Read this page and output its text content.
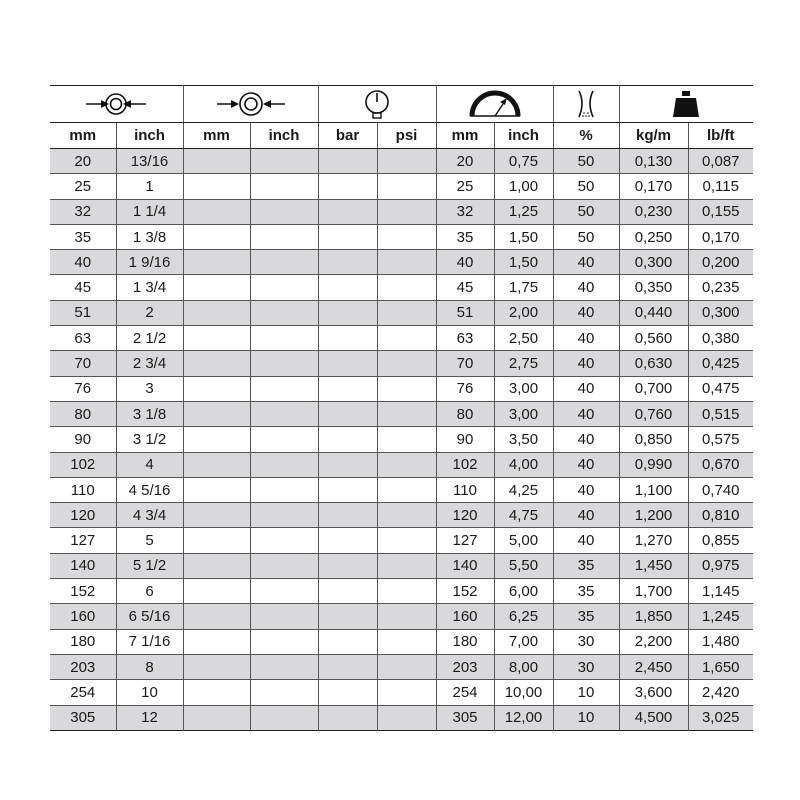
mm	inch	mm	inch	bar	psi	mm	inch	%	kg/m	lb/ft
20	13/16					20	0,75	50	0,130	0,087
25	1					25	1,00	50	0,170	0,115
32	1 1/4					32	1,25	50	0,230	0,155
35	1 3/8					35	1,50	50	0,250	0,170
40	1 9/16					40	1,50	40	0,300	0,200
45	1 3/4					45	1,75	40	0,350	0,235
51	2					51	2,00	40	0,440	0,300
63	2 1/2					63	2,50	40	0,560	0,380
70	2 3/4					70	2,75	40	0,630	0,425
76	3					76	3,00	40	0,700	0,475
80	3 1/8					80	3,00	40	0,760	0,515
90	3 1/2					90	3,50	40	0,850	0,575
102	4					102	4,00	40	0,990	0,670
110	4 5/16					110	4,25	40	1,100	0,740
120	4 3/4					120	4,75	40	1,200	0,810
127	5					127	5,00	40	1,270	0,855
140	5 1/2					140	5,50	35	1,450	0,975
152	6					152	6,00	35	1,700	1,145
160	6 5/16					160	6,25	35	1,850	1,245
180	7 1/16					180	7,00	30	2,200	1,480
203	8					203	8,00	30	2,450	1,650
254	10					254	10,00	10	3,600	2,420
305	12					305	12,00	10	4,500	3,025
